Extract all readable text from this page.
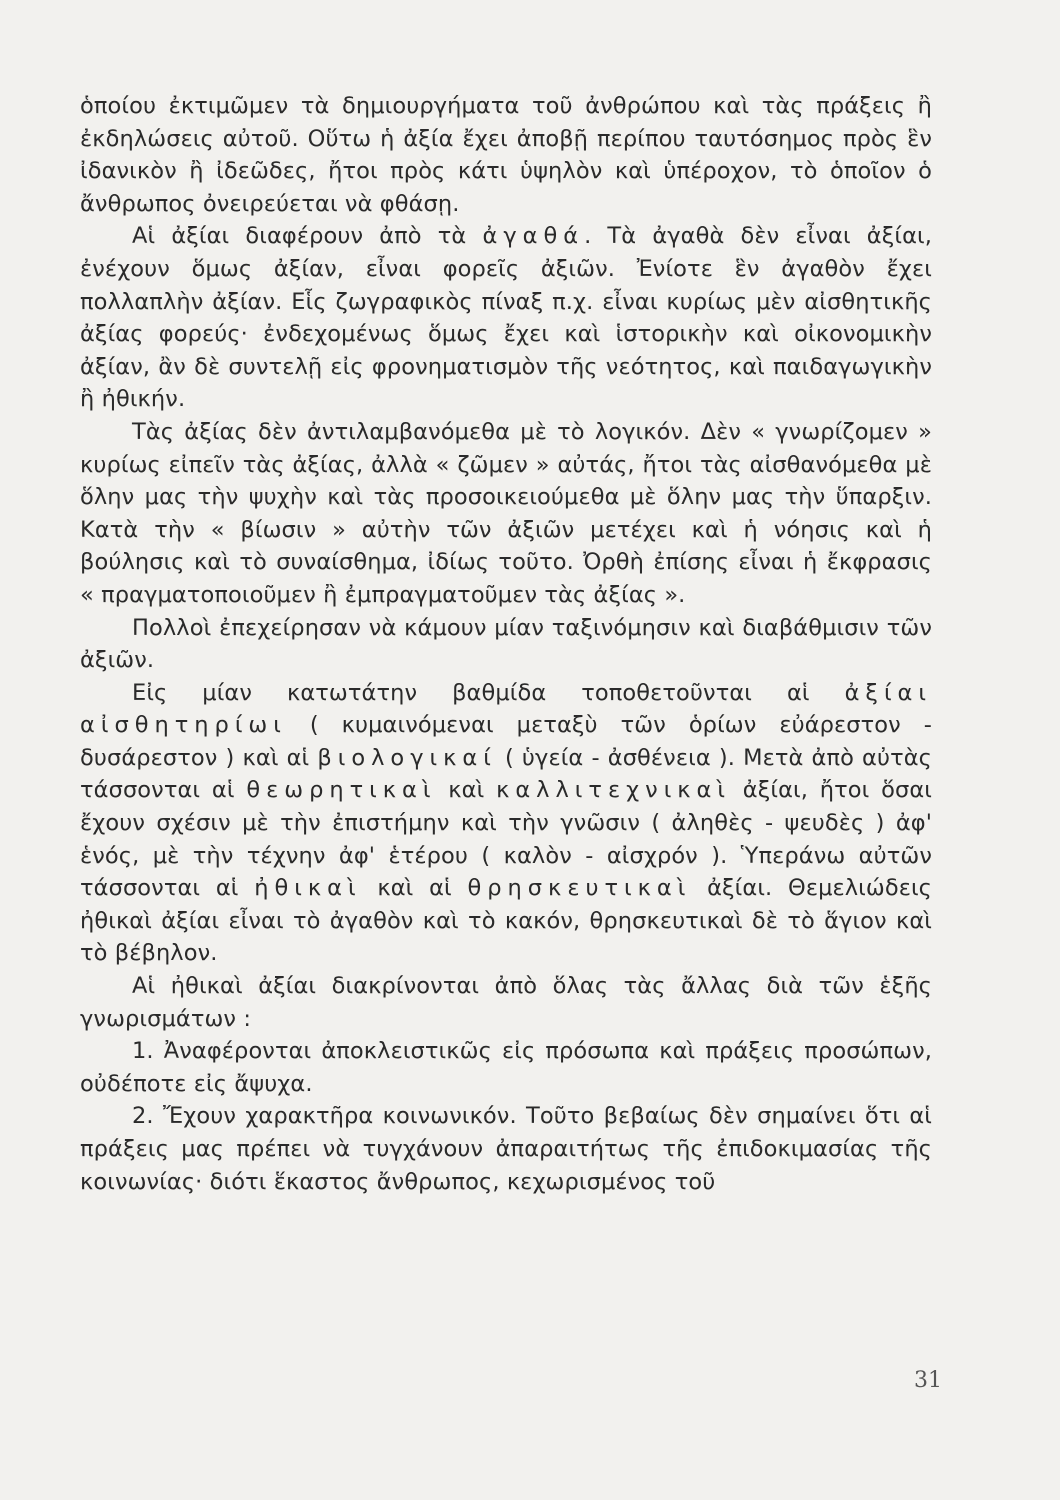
ὁποίου ἐκτιμῶμεν τὰ δημιουργήματα τοῦ ἀνθρώπου καὶ τὰς πράξεις ἢ ἐκδηλώσεις αὐτοῦ. Οὕτω ἡ ἀξία ἔχει ἀποβῇ περίπου ταυτόσημος πρὸς ἓν ἰδανικὸν ἢ ἰδεῶδες, ἤτοι πρὸς κάτι ὑψηλὸν καὶ ὑπέροχον, τὸ ὁποῖον ὁ ἄνθρωπος ὀνειρεύεται νὰ φθάσῃ.

Αἱ ἀξίαι διαφέρουν ἀπὸ τὰ ἀγαθά. Τὰ ἀγαθὰ δὲν εἶναι ἀξίαι, ἐνέχουν ὅμως ἀξίαν, εἶναι φορεῖς ἀξιῶν. Ἐνίοτε ἓν ἀγαθὸν ἔχει πολλαπλὴν ἀξίαν. Εἷς ζωγραφικὸς πίναξ π.χ. εἶναι κυρίως μὲν αἰσθητικῆς ἀξίας φορεύς· ἐνδεχομένως ὅμως ἔχει καὶ ἱστορικὴν καὶ οἰκονομικὴν ἀξίαν, ἂν δὲ συντελῇ εἰς φρονηματισμὸν τῆς νεότητος, καὶ παιδαγωγικὴν ἢ ἠθικήν.

Τὰς ἀξίας δὲν ἀντιλαμβανόμεθα μὲ τὸ λογικόν. Δὲν « γνωρίζομεν » κυρίως εἰπεῖν τὰς ἀξίας, ἀλλὰ « ζῶμεν » αὐτάς, ἤτοι τὰς αἰσθανόμεθα μὲ ὅλην μας τὴν ψυχὴν καὶ τὰς προσοικειούμεθα μὲ ὅλην μας τὴν ὕπαρξιν. Κατὰ τὴν « βίωσιν » αὐτὴν τῶν ἀξιῶν μετέχει καὶ ἡ νόησις καὶ ἡ βούλησις καὶ τὸ συναίσθημα, ἰδίως τοῦτο. Ὀρθὴ ἐπίσης εἶναι ἡ ἔκφρασις « πραγματοποιοῦμεν ἢ ἐμπραγματοῦμεν τὰς ἀξίας ».

Πολλοὶ ἐπεχείρησαν νὰ κάμουν μίαν ταξινόμησιν καὶ διαβάθμισιν τῶν ἀξιῶν.

Εἰς μίαν κατωτάτην βαθμίδα τοποθετοῦνται αἱ ἀξίαι αἰσθητηρίωι ( κυμαινόμεναι μεταξὺ τῶν ὁρίων εὐάρεστον - δυσάρεστον ) καὶ αἱ βιολογικαί ( ὑγεία - ἀσθένεια ). Μετὰ ἀπὸ αὐτὰς τάσσονται αἱ θεωρητικαὶ καὶ καλλιτεχνικαὶ ἀξίαι, ἤτοι ὅσαι ἔχουν σχέσιν μὲ τὴν ἐπιστήμην καὶ τὴν γνῶσιν ( ἀληθὲς - ψευδὲς ) ἀφ' ἑνός, μὲ τὴν τέχνην ἀφ' ἑτέρου ( καλὸν - αἰσχρόν ). Ὑπεράνω αὐτῶν τάσσονται αἱ ἠθικαὶ καὶ αἱ θρησκευτικαὶ ἀξίαι. Θεμελιώδεις ἠθικαὶ ἀξίαι εἶναι τὸ ἀγαθὸν καὶ τὸ κακόν, θρησκευτικαὶ δὲ τὸ ἅγιον καὶ τὸ βέβηλον.

Αἱ ἠθικαὶ ἀξίαι διακρίνονται ἀπὸ ὅλας τὰς ἄλλας διὰ τῶν ἑξῆς γνωρισμάτων :

1. Ἀναφέρονται ἀποκλειστικῶς εἰς πρόσωπα καὶ πράξεις προσώπων, οὐδέποτε εἰς ἄψυχα.

2. Ἔχουν χαρακτῆρα κοινωνικόν. Τοῦτο βεβαίως δὲν σημαίνει ὅτι αἱ πράξεις μας πρέπει νὰ τυγχάνουν ἀπαραιτήτως τῆς ἐπιδοκιμασίας τῆς κοινωνίας· διότι ἕκαστος ἄνθρωπος, κεχωρισμένος τοῦ

31
